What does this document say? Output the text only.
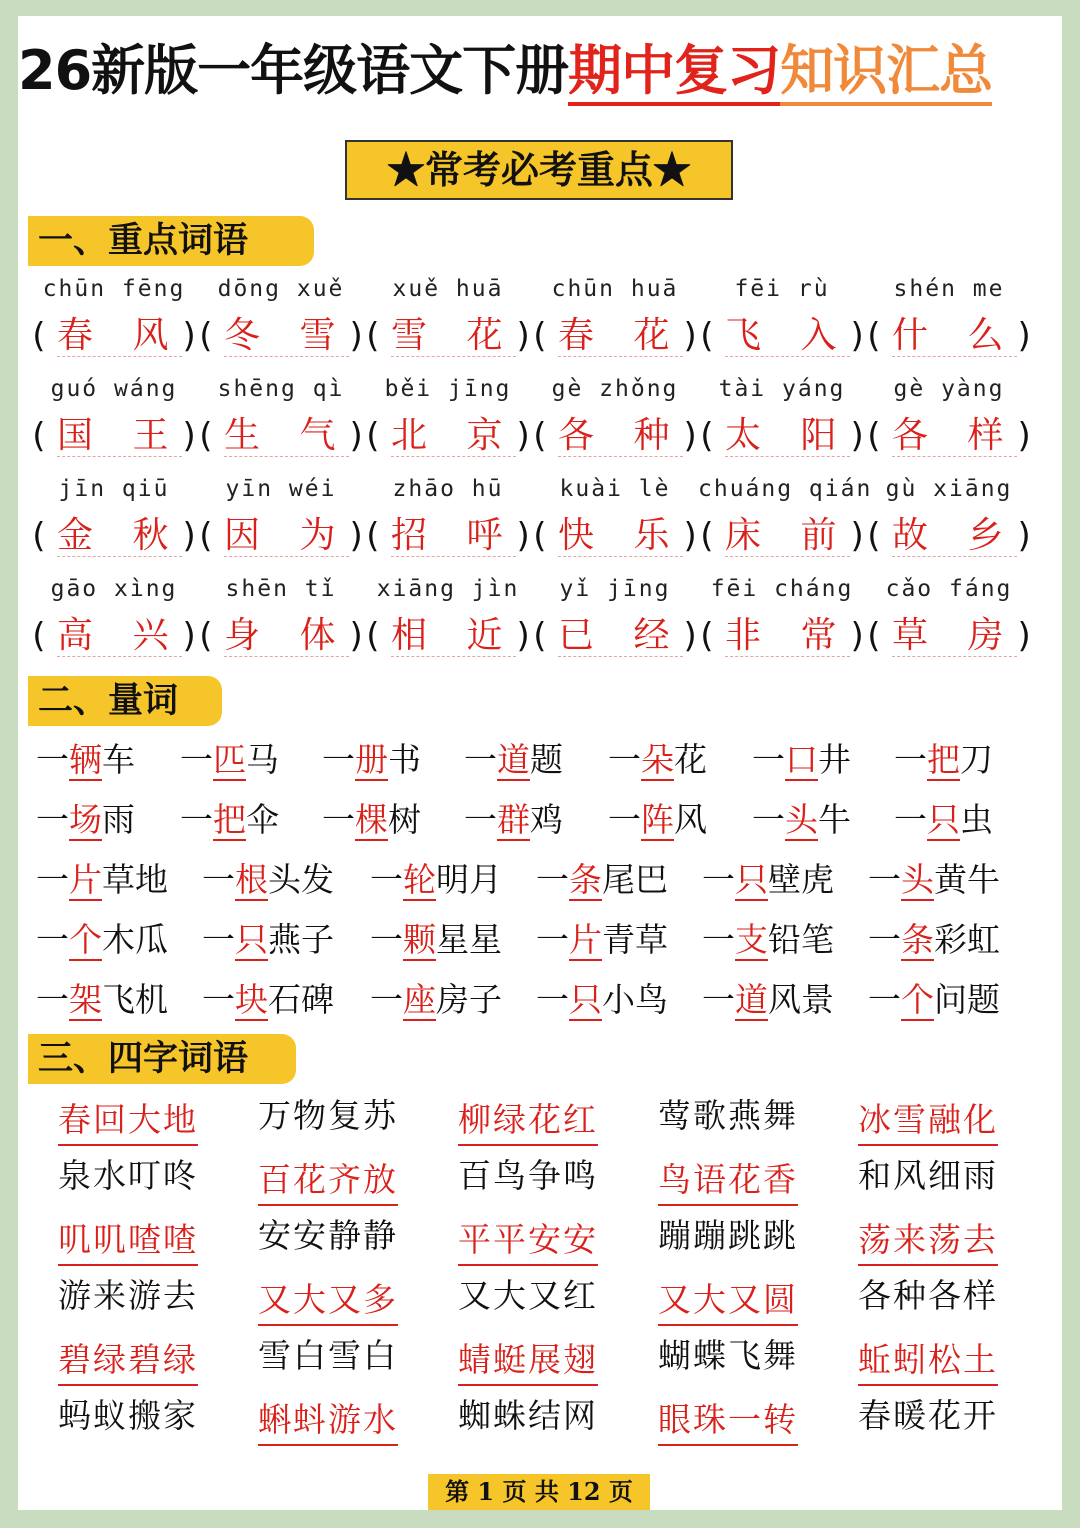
26新版一年级语文下册期中复习知识汇总
★常考必考重点★
一、重点词语
chūn fēng
( 春 风)
dōng xuě
( 冬 雪)
xuě huā
( 雪 花)
chūn huā
( 春 花)
fēi rù
( 飞 入)
shén me
( 什 么)
guó wáng
( 国 王)
shēng qì
( 生 气)
běi jīng
( 北 京)
gè zhǒng
( 各 种)
tài yáng
( 太 阳)
gè yàng
( 各 样)
jīn qiū
( 金 秋)
yīn wéi
( 因 为)
zhāo hū
( 招 呼)
kuài lè
( 快 乐)
chuáng qián
( 床 前)
gù xiāng
( 故 乡)
gāo xìng
( 高 兴)
shēn tǐ
( 身 体)
xiāng jìn
( 相 近)
yǐ jīng
( 已 经)
fēi cháng
( 非 常)
cǎo fáng
( 草 房)
二、量词
一辆车 一匹马 一册书 一道题 一朵花 一口井 一把刀
一场雨 一把伞 一棵树 一群鸡 一阵风 一头牛 一只虫
一片草地 一根头发 一轮明月 一条尾巴 一只壁虎 一头黄牛
一个木瓜 一只燕子 一颗星星 一片青草 一支铅笔 一条彩虹
一架飞机 一块石碑 一座房子 一只小鸟 一道风景 一个问题
三、四字词语
春回大地 万物复苏 柳绿花红 莺歌燕舞 冰雪融化
泉水叮咚 百花齐放 百鸟争鸣 鸟语花香 和风细雨
叽叽喳喳 安安静静 平平安安 蹦蹦跳跳 荡来荡去
游来游去 又大又多 又大又红 又大又圆 各种各样
碧绿碧绿 雪白雪白 蜻蜓展翅 蝴蝶飞舞 蚯蚓松土
蚂蚁搬家 蝌蚪游水 蜘蛛结网 眼珠一转 春暖花开
第 1 页 共 12 页
